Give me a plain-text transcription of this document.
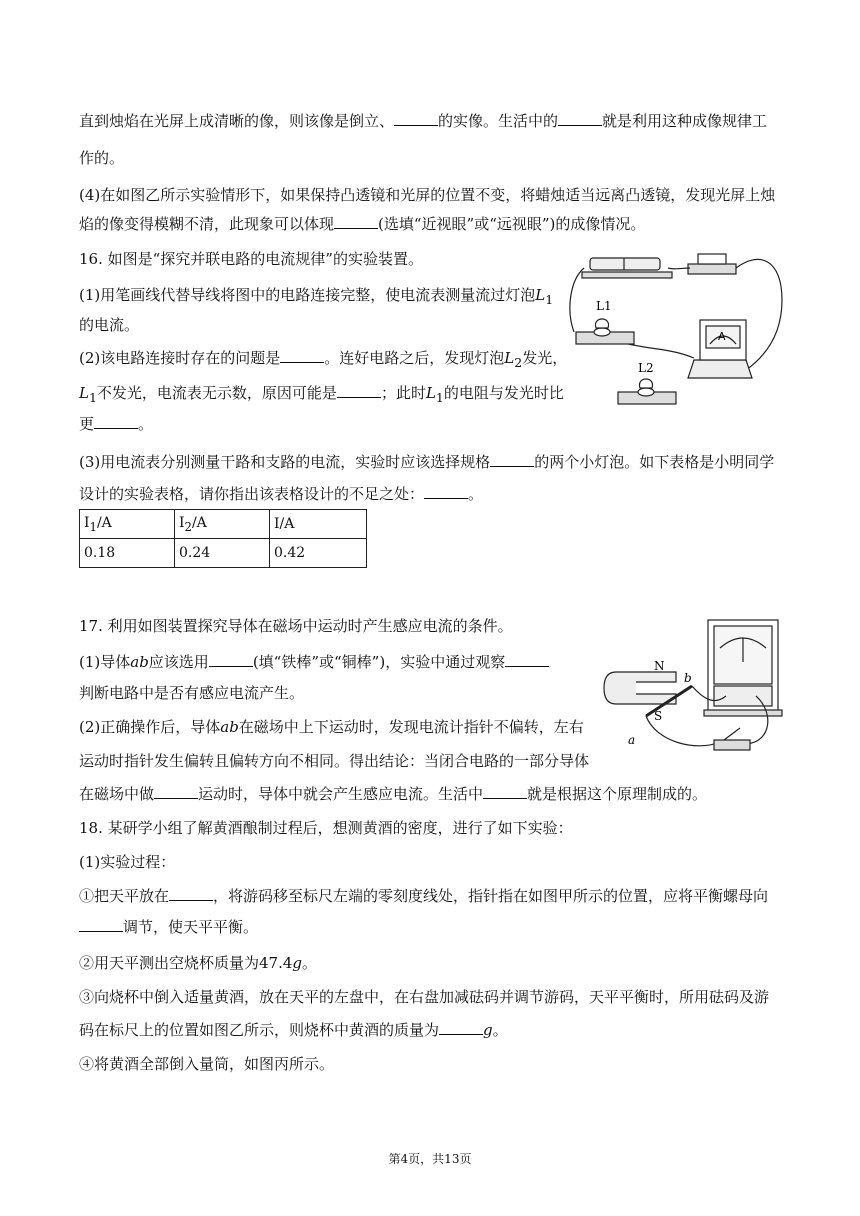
直到烛焰在光屏上成清晰的像，则该像是倒立、	的实像。生活中的	就是利用这种成像规律工
作的。
(4)在如图乙所示实验情形下，如果保持凸透镜和光屏的位置不变，将蜡烛适当远离凸透镜，发现光屏上烛
焰的像变得模糊不清，此现象可以体现	(选填“近视眼”或“远视眼”)的成像情况。
16. 如图是“探究并联电路的电流规律”的实验装置。
(1)用笔画线代替导线将图中的电路连接完整，使电流表测量流过灯泡$L_1$
的电流。
(2)该电路连接时存在的问题是	。连好电路之后，发现灯泡$L_2$发光，
$L_1$不发光，电流表无示数，原因可能是	；此时$L_1$的电阻与发光时比
更	。
(3)用电流表分别测量干路和支路的电流，实验时应该选择规格	的两个小灯泡。如下表格是小明同学
设计的实验表格，请你指出该表格设计的不足之处：	。
$I_1/A$	$I_2/A$	I/A
0.18	0.24	0.42
17. 利用如图装置探究导体在磁场中运动时产生感应电流的条件。
(1)导体ab应该选用	(填“铁棒”或“铜棒”)，实验中通过观察
判断电路中是否有感应电流产生。
(2)正确操作后，导体ab在磁场中上下运动时，发现电流计指针不偏转，左右
运动时指针发生偏转且偏转方向不相同。得出结论：当闭合电路的一部分导体
在磁场中做	运动时，导体中就会产生感应电流。生活中	就是根据这个原理制成的。
18. 某研学小组了解黄酒酿制过程后，想测黄酒的密度，进行了如下实验：
(1)实验过程：
①把天平放在	，将游码移至标尺左端的零刻度线处，指针指在如图甲所示的位置，应将平衡螺母向
调节，使天平平衡。
②用天平测出空烧杯质量为47.4g。
③向烧杯中倒入适量黄酒，放在天平的左盘中，在右盘加减砝码并调节游码，天平平衡时，所用砝码及游
码在标尺上的位置如图乙所示，则烧杯中黄酒的质量为	g。
④将黄酒全部倒入量筒，如图丙所示。
L1
L2
A
N
S
a
b
第4页，共13页
